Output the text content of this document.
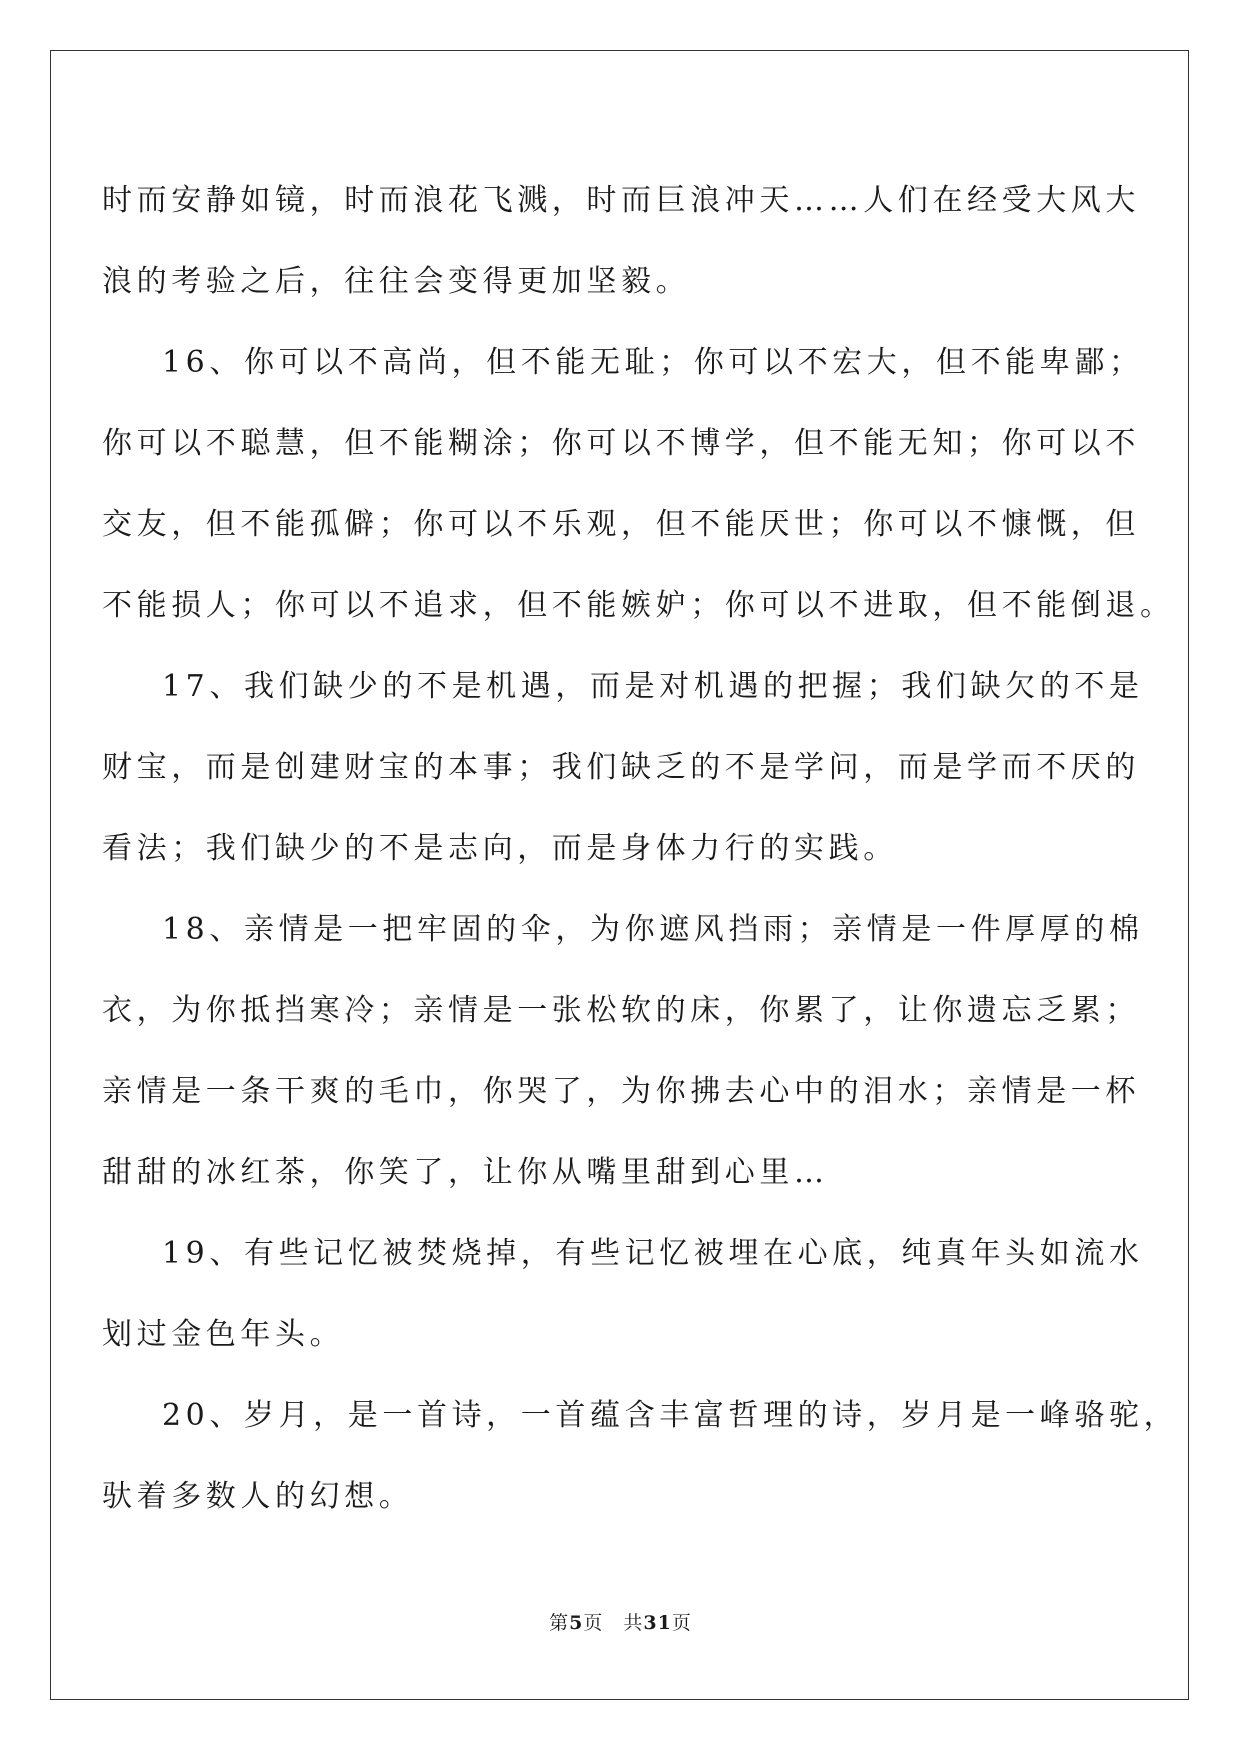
时而安静如镜，时而浪花飞溅，时而巨浪冲天……人们在经受大风大
浪的考验之后，往往会变得更加坚毅。
16、你可以不高尚，但不能无耻；你可以不宏大，但不能卑鄙；
你可以不聪慧，但不能糊涂；你可以不博学，但不能无知；你可以不
交友，但不能孤僻；你可以不乐观，但不能厌世；你可以不慷慨，但
不能损人；你可以不追求，但不能嫉妒；你可以不进取，但不能倒退。
17、我们缺少的不是机遇，而是对机遇的把握；我们缺欠的不是
财宝，而是创建财宝的本事；我们缺乏的不是学问，而是学而不厌的
看法；我们缺少的不是志向，而是身体力行的实践。
18、亲情是一把牢固的伞，为你遮风挡雨；亲情是一件厚厚的棉
衣，为你抵挡寒冷；亲情是一张松软的床，你累了，让你遗忘乏累；
亲情是一条干爽的毛巾，你哭了，为你拂去心中的泪水；亲情是一杯
甜甜的冰红茶，你笑了，让你从嘴里甜到心里…
19、有些记忆被焚烧掉，有些记忆被埋在心底，纯真年头如流水
划过金色年头。
20、岁月，是一首诗，一首蕴含丰富哲理的诗，岁月是一峰骆驼，
驮着多数人的幻想。
第5页 共31页
